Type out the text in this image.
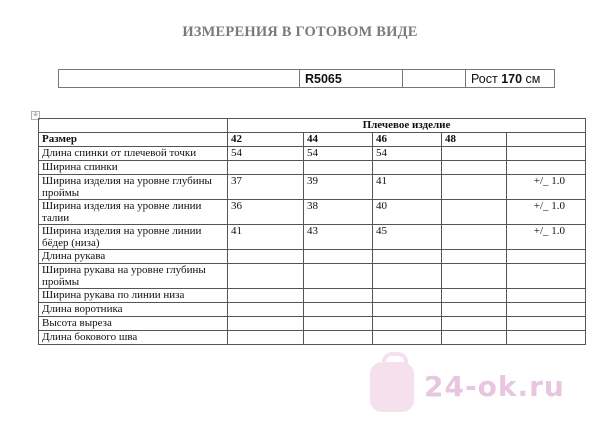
ИЗМЕРЕНИЯ В ГОТОВОМ ВИДЕ
	R5065		Рост 170 см
⊕
	Плечевое изделие				
Размер	42	44	46	48	
Длина спинки от плечевой точки	54	54	54		
Ширина спинки					
Ширина изделия на уровне глубины проймы	37	39	41		+/_ 1.0
Ширина изделия на уровне линии талии	36	38	40		+/_ 1.0
Ширина изделия на уровне линии бёдер (низа)	41	43	45		+/_ 1.0
Длина рукава					
Ширина рукава на уровне глубины проймы					
Ширина рукава по линии низа					
Длина воротника					
Высота выреза					
Длина бокового шва					
24-ok.ru
